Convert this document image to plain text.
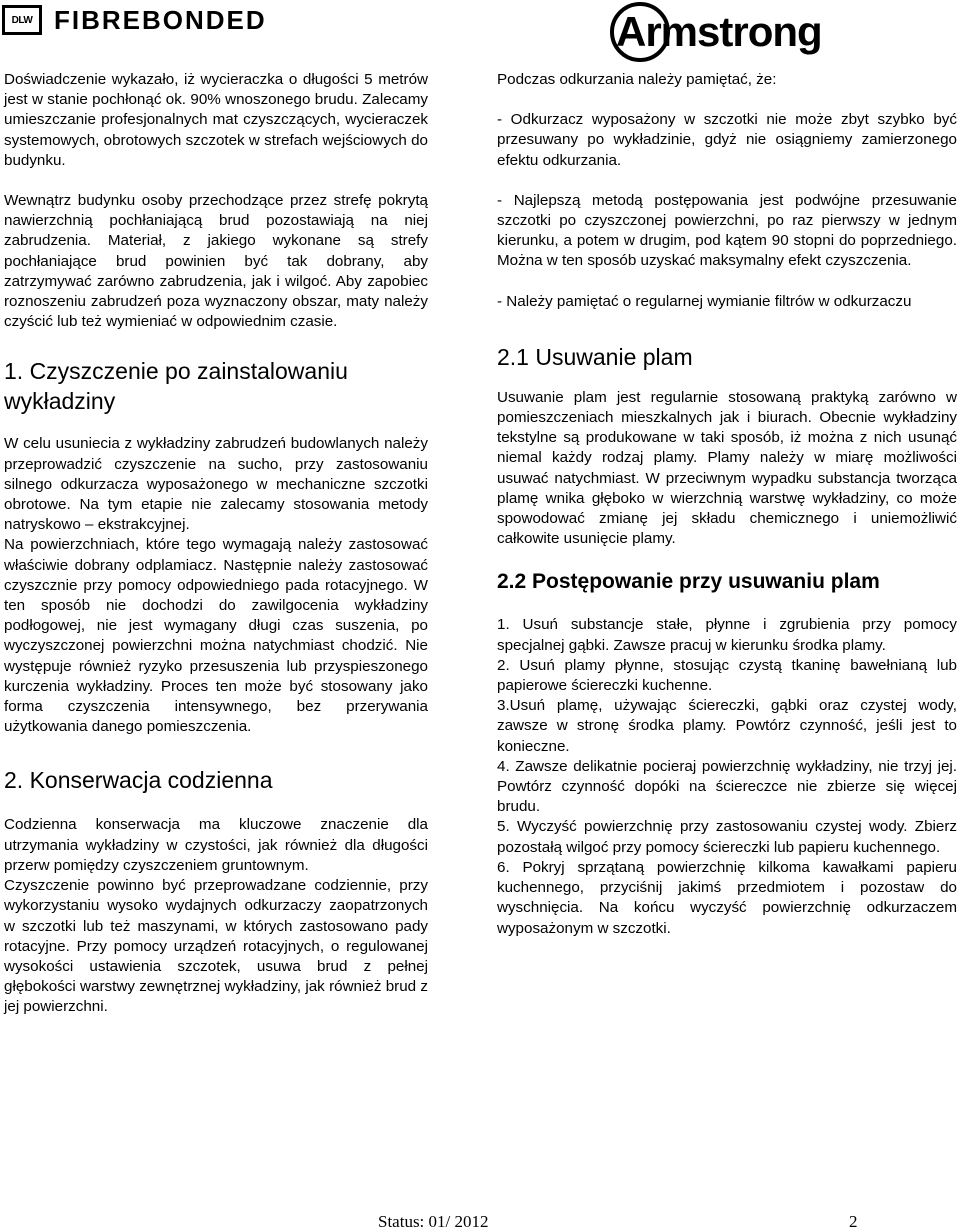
DLW FIBREBONDED	Armstrong

Doświadczenie wykazało, iż wycieraczka o długości 5 metrów jest w stanie pochłonąć ok. 90% wnoszonego brudu. Zalecamy umieszczanie profesjonalnych mat czyszczących, wycieraczek systemowych, obrotowych szczotek w strefach wejściowych do budynku.

Wewnątrz budynku osoby przechodzące przez strefę pokrytą nawierzchnią pochłaniającą brud pozostawiają na niej zabrudzenia. Materiał, z jakiego wykonane są strefy pochłaniające brud powinien być tak dobrany, aby zatrzymywać zarówno zabrudzenia, jak i wilgoć. Aby zapobiec roznoszeniu zabrudzeń poza wyznaczony obszar, maty należy czyścić lub też wymieniać w odpowiednim czasie.

1. Czyszczenie po zainstalowaniu wykładziny

W celu usuniecia z wykładziny zabrudzeń budowlanych należy przeprowadzić czyszczenie na sucho, przy zastosowaniu silnego odkurzacza wyposażonego w mechaniczne szczotki obrotowe. Na tym etapie nie zalecamy stosowania metody natryskowo – ekstrakcyjnej.

Na powierzchniach, które tego wymagają należy zastosować właściwie dobrany odplamiacz. Następnie należy zastosować czyszcznie przy pomocy odpowiedniego pada rotacyjnego. W ten sposób nie dochodzi do zawilgocenia wykładziny podłogowej, nie jest wymagany długi czas suszenia, po wyczyszczonej powierzchni można natychmiast chodzić. Nie występuje również ryzyko przesuszenia lub przyspieszonego kurczenia wykładziny. Proces ten może być stosowany jako forma czyszczenia intensywnego, bez przerywania użytkowania danego pomieszczenia.

2. Konserwacja codzienna

Codzienna konserwacja ma kluczowe znaczenie dla utrzymania wykładziny w czystości, jak również dla długości przerw pomiędzy czyszczeniem gruntownym.

Czyszczenie powinno być przeprowadzane codziennie, przy wykorzystaniu wysoko wydajnych odkurzaczy zaopatrzonych w szczotki lub też maszynami, w których zastosowano pady rotacyjne. Przy pomocy urządzeń rotacyjnych, o regulowanej wysokości ustawienia szczotek, usuwa brud z pełnej głębokości warstwy zewnętrznej wykładziny, jak również brud z jej powierzchni.

Podczas odkurzania należy pamiętać, że:

- Odkurzacz wyposażony w szczotki nie może zbyt szybko być przesuwany po wykładzinie, gdyż nie osiągniemy zamierzonego efektu odkurzania.

- Najlepszą metodą postępowania jest podwójne przesuwanie szczotki po czyszczonej powierzchni, po raz pierwszy w jednym kierunku, a potem w drugim, pod kątem 90 stopni do poprzedniego. Można w ten sposób uzyskać maksymalny efekt czyszczenia.

- Należy pamiętać o regularnej wymianie filtrów w odkurzaczu

2.1 Usuwanie plam

Usuwanie plam jest regularnie stosowaną praktyką zarówno w pomieszczeniach mieszkalnych jak i biurach. Obecnie wykładziny tekstylne są produkowane w taki sposób, iż można z nich usunąć niemal każdy rodzaj plamy. Plamy należy w miarę możliwości usuwać natychmiast. W przeciwnym wypadku substancja tworząca plamę wnika głęboko w wierzchnią warstwę wykładziny, co może spowodować zmianę jej składu chemicznego i uniemożliwić całkowite usunięcie plamy.

2.2 Postępowanie przy usuwaniu plam

1. Usuń substancje stałe, płynne i zgrubienia przy pomocy specjalnej gąbki. Zawsze pracuj w kierunku środka plamy.

2. Usuń plamy płynne, stosując czystą tkaninę bawełnianą lub papierowe ściereczki kuchenne.

3.Usuń plamę, używając ściereczki, gąbki oraz czystej wody, zawsze w stronę środka plamy. Powtórz czynność, jeśli jest to konieczne.

4. Zawsze delikatnie pocieraj powierzchnię wykładziny, nie trzyj jej. Powtórz czynność dopóki na ściereczce nie zbierze się więcej brudu.

5. Wyczyść powierzchnię przy zastosowaniu czystej wody. Zbierz pozostałą wilgoć przy pomocy ściereczki lub papieru kuchennego.

6. Pokryj sprzątaną powierzchnię kilkoma kawałkami papieru kuchennego, przyciśnij jakimś przedmiotem i pozostaw do wyschnięcia. Na końcu wyczyść powierzchnię odkurzaczem wyposażonym w szczotki.

Status: 01/ 2012	2
